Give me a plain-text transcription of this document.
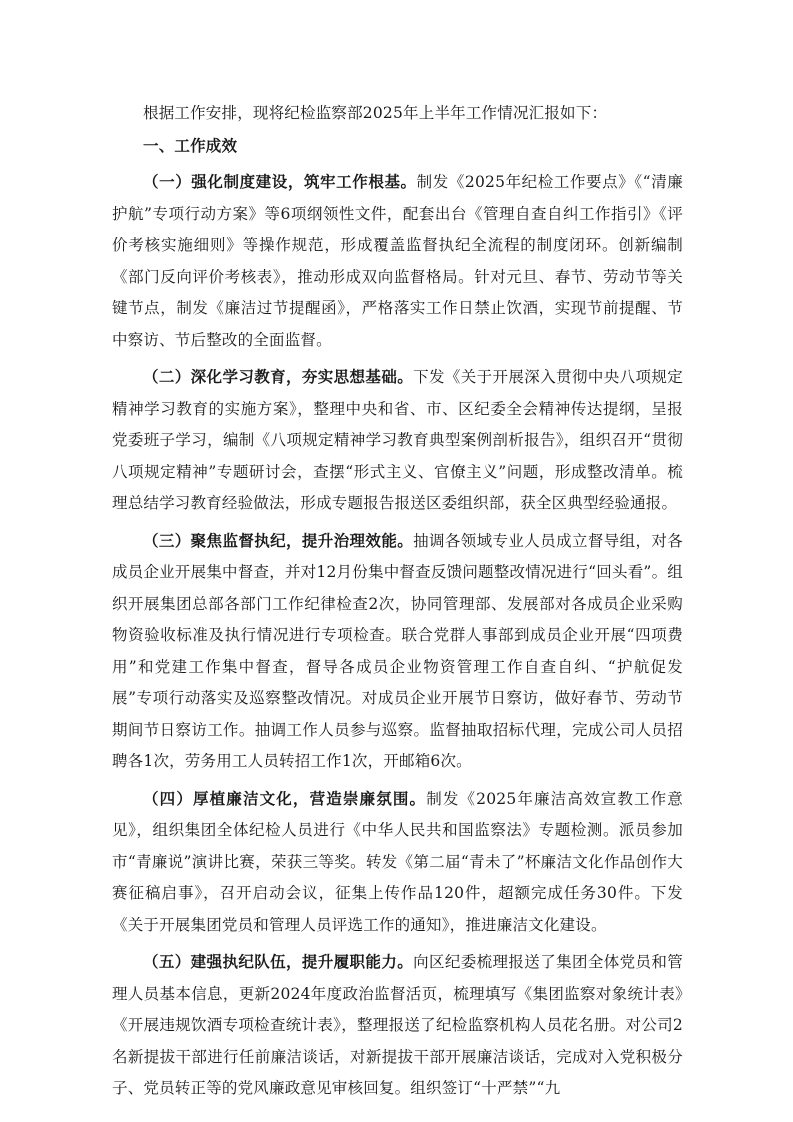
根据工作安排，现将纪检监察部2025年上半年工作情况汇报如下：

一、工作成效

（一）强化制度建设，筑牢工作根基。制发《2025年纪检工作要点》《“清廉护航”专项行动方案》等6项纲领性文件，配套出台《管理自查自纠工作指引》《评价考核实施细则》等操作规范，形成覆盖监督执纪全流程的制度闭环。创新编制《部门反向评价考核表》，推动形成双向监督格局。针对元旦、春节、劳动节等关键节点，制发《廉洁过节提醒函》，严格落实工作日禁止饮酒，实现节前提醒、节中察访、节后整改的全面监督。

（二）深化学习教育，夯实思想基础。下发《关于开展深入贯彻中央八项规定精神学习教育的实施方案》，整理中央和省、市、区纪委全会精神传达提纲，呈报党委班子学习，编制《八项规定精神学习教育典型案例剖析报告》，组织召开“贯彻八项规定精神”专题研讨会，查摆“形式主义、官僚主义”问题，形成整改清单。梳理总结学习教育经验做法，形成专题报告报送区委组织部，获全区典型经验通报。

（三）聚焦监督执纪，提升治理效能。抽调各领域专业人员成立督导组，对各成员企业开展集中督查，并对12月份集中督查反馈问题整改情况进行“回头看”。组织开展集团总部各部门工作纪律检查2次，协同管理部、发展部对各成员企业采购物资验收标准及执行情况进行专项检查。联合党群人事部到成员企业开展“四项费用”和党建工作集中督查，督导各成员企业物资管理工作自查自纠、“护航促发展”专项行动落实及巡察整改情况。对成员企业开展节日察访，做好春节、劳动节期间节日察访工作。抽调工作人员参与巡察。监督抽取招标代理，完成公司人员招聘各1次，劳务用工人员转招工作1次，开邮箱6次。

（四）厚植廉洁文化，营造崇廉氛围。制发《2025年廉洁高效宣教工作意见》，组织集团全体纪检人员进行《中华人民共和国监察法》专题检测。派员参加市“青廉说”演讲比赛，荣获三等奖。转发《第二届“青未了”杯廉洁文化作品创作大赛征稿启事》，召开启动会议，征集上传作品120件，超额完成任务30件。下发《关于开展集团党员和管理人员评选工作的通知》，推进廉洁文化建设。

（五）建强执纪队伍，提升履职能力。向区纪委梳理报送了集团全体党员和管理人员基本信息，更新2024年度政治监督活页，梳理填写《集团监察对象统计表》《开展违规饮酒专项检查统计表》，整理报送了纪检监察机构人员花名册。对公司2名新提拔干部进行任前廉洁谈话，对新提拔干部开展廉洁谈话，完成对入党积极分子、党员转正等的党风廉政意见审核回复。组织签订“十严禁”“九
